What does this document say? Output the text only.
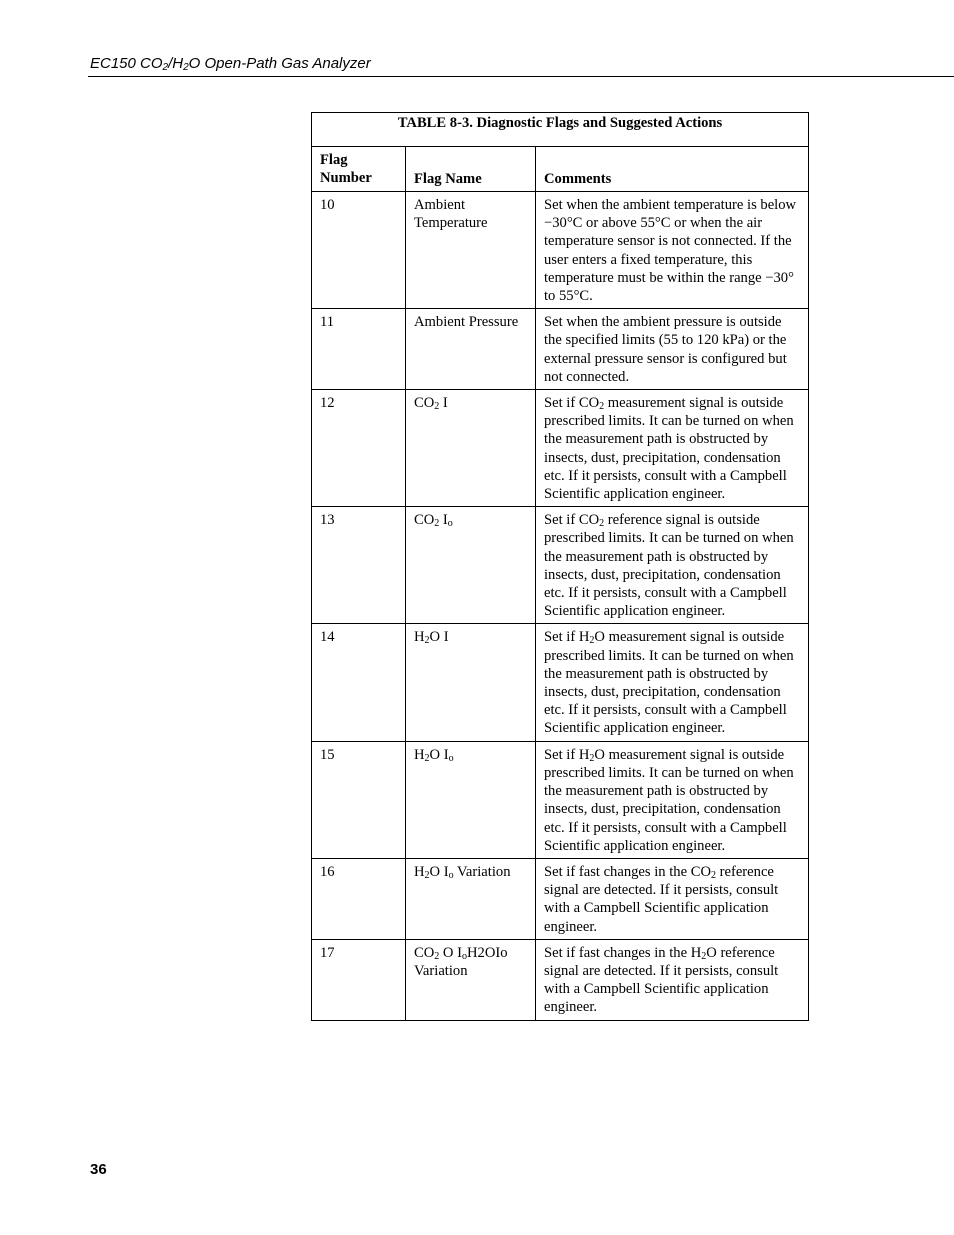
EC150 $CO_2/H_2O$ Open-Path Gas Analyzer
TABLE 8-3. Diagnostic Flags and Suggested Actions		
Flag
Number	Flag Name	Comments
10	Ambient Temperature	Set when the ambient temperature is below −30°C or above 55°C or when the air temperature sensor is not connected. If the user enters a fixed temperature, this temperature must be within the range −30° to 55°C.
11	Ambient Pressure	Set when the ambient pressure is outside the specified limits (55 to 120 kPa) or the external pressure sensor is configured but not connected.
12	$CO_2$ I	Set if $CO_2$ measurement signal is outside prescribed limits. It can be turned on when the measurement path is obstructed by insects, dust, precipitation, condensation etc. If it persists, consult with a Campbell Scientific application engineer.
13	$CO_2$ $I_o$	Set if $CO_2$ reference signal is outside prescribed limits. It can be turned on when the measurement path is obstructed by insects, dust, precipitation, condensation etc. If it persists, consult with a Campbell Scientific application engineer.
14	$H_2O$ I	Set if $H_2O$ measurement signal is outside prescribed limits. It can be turned on when the measurement path is obstructed by insects, dust, precipitation, condensation etc. If it persists, consult with a Campbell Scientific application engineer.
15	$H_2O$ $I_o$	Set if $H_2O$ measurement signal is outside prescribed limits. It can be turned on when the measurement path is obstructed by insects, dust, precipitation, condensation etc. If it persists, consult with a Campbell Scientific application engineer.
16	$H_2O$ $I_o$ Variation	Set if fast changes in the $CO_2$ reference signal are detected. If it persists, consult with a Campbell Scientific application engineer.
17	$CO_2$ O $I_oH2OIo$ Variation	Set if fast changes in the $H_2O$ reference signal are detected. If it persists, consult with a Campbell Scientific application engineer.
36
